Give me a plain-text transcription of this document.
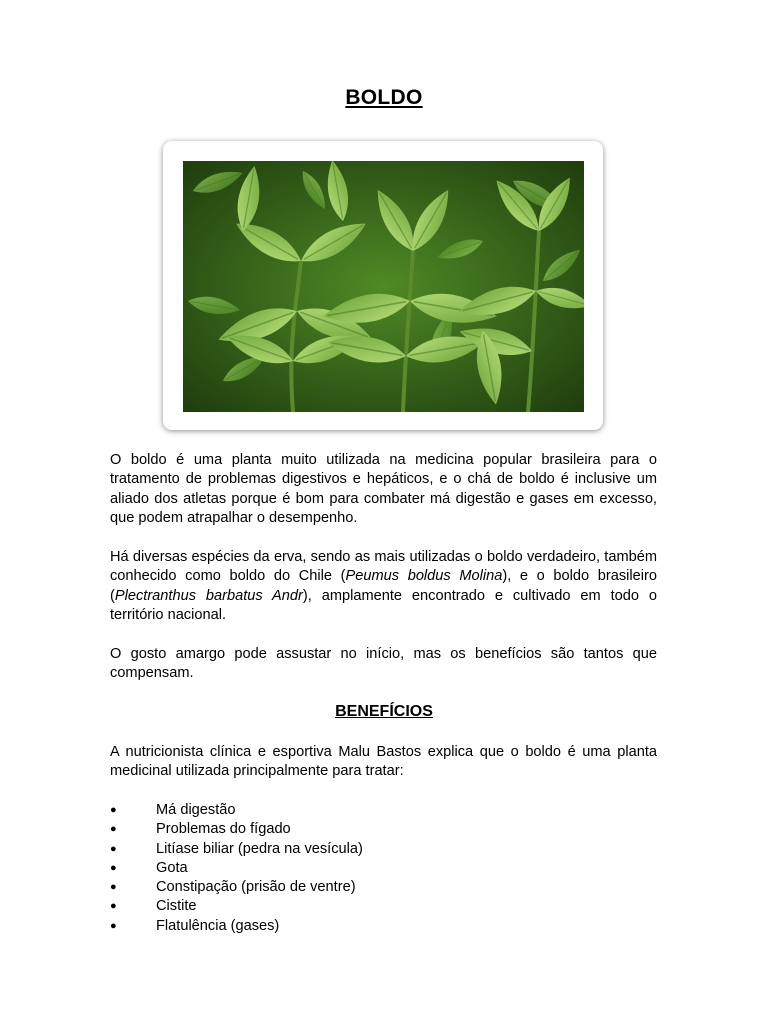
BOLDO

O boldo é uma planta muito utilizada na medicina popular brasileira para o tratamento de problemas digestivos e hepáticos, e o chá de boldo é inclusive um aliado dos atletas porque é bom para combater má digestão e gases em excesso, que podem atrapalhar o desempenho.

Há diversas espécies da erva, sendo as mais utilizadas o boldo verdadeiro, também conhecido como boldo do Chile (Peumus boldus Molina), e o boldo brasileiro (Plectranthus barbatus Andr), amplamente encontrado e cultivado em todo o território nacional.

O gosto amargo pode assustar no início, mas os benefícios são tantos que compensam.

BENEFÍCIOS

A nutricionista clínica e esportiva Malu Bastos explica que o boldo é uma planta medicinal utilizada principalmente para tratar:

●	Má digestão
●	Problemas do fígado
●	Litíase biliar (pedra na vesícula)
●	Gota
●	Constipação (prisão de ventre)
●	Cistite
●	Flatulência (gases)
